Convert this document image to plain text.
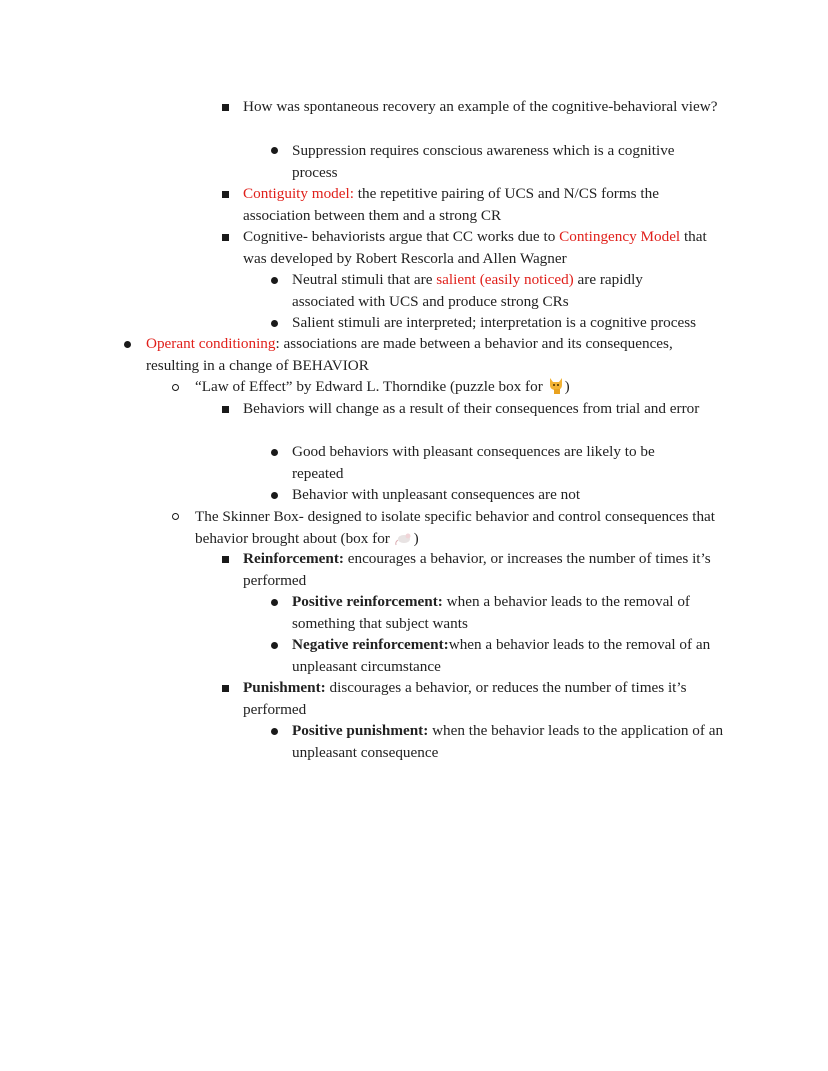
How was spontaneous recovery an example of the cognitive-behavioral view?
Suppression requires conscious awareness which is a cognitive process
Contiguity model: the repetitive pairing of UCS and N/CS forms the association between them and a strong CR
Cognitive- behaviorists argue that CC works due to Contingency Model that was developed by Robert Rescorla and Allen Wagner
Neutral stimuli that are salient (easily noticed) are rapidly associated with UCS and produce strong CRs
Salient stimuli are interpreted; interpretation is a cognitive process
Operant conditioning: associations are made between a behavior and its consequences, resulting in a change of BEHAVIOR
“Law of Effect” by Edward L. Thorndike (puzzle box for )
Behaviors will change as a result of their consequences from trial and error
Good behaviors with pleasant consequences are likely to be repeated
Behavior with unpleasant consequences are not
The Skinner Box- designed to isolate specific behavior and control consequences that behavior brought about (box for )
Reinforcement: encourages a behavior, or increases the number of times it’s performed
Positive reinforcement: when a behavior leads to the removal of something that subject wants
Negative reinforcement:when a behavior leads to the removal of an unpleasant circumstance
Punishment: discourages a behavior, or reduces the number of times it’s performed
Positive punishment: when the behavior leads to the application of an unpleasant consequence
